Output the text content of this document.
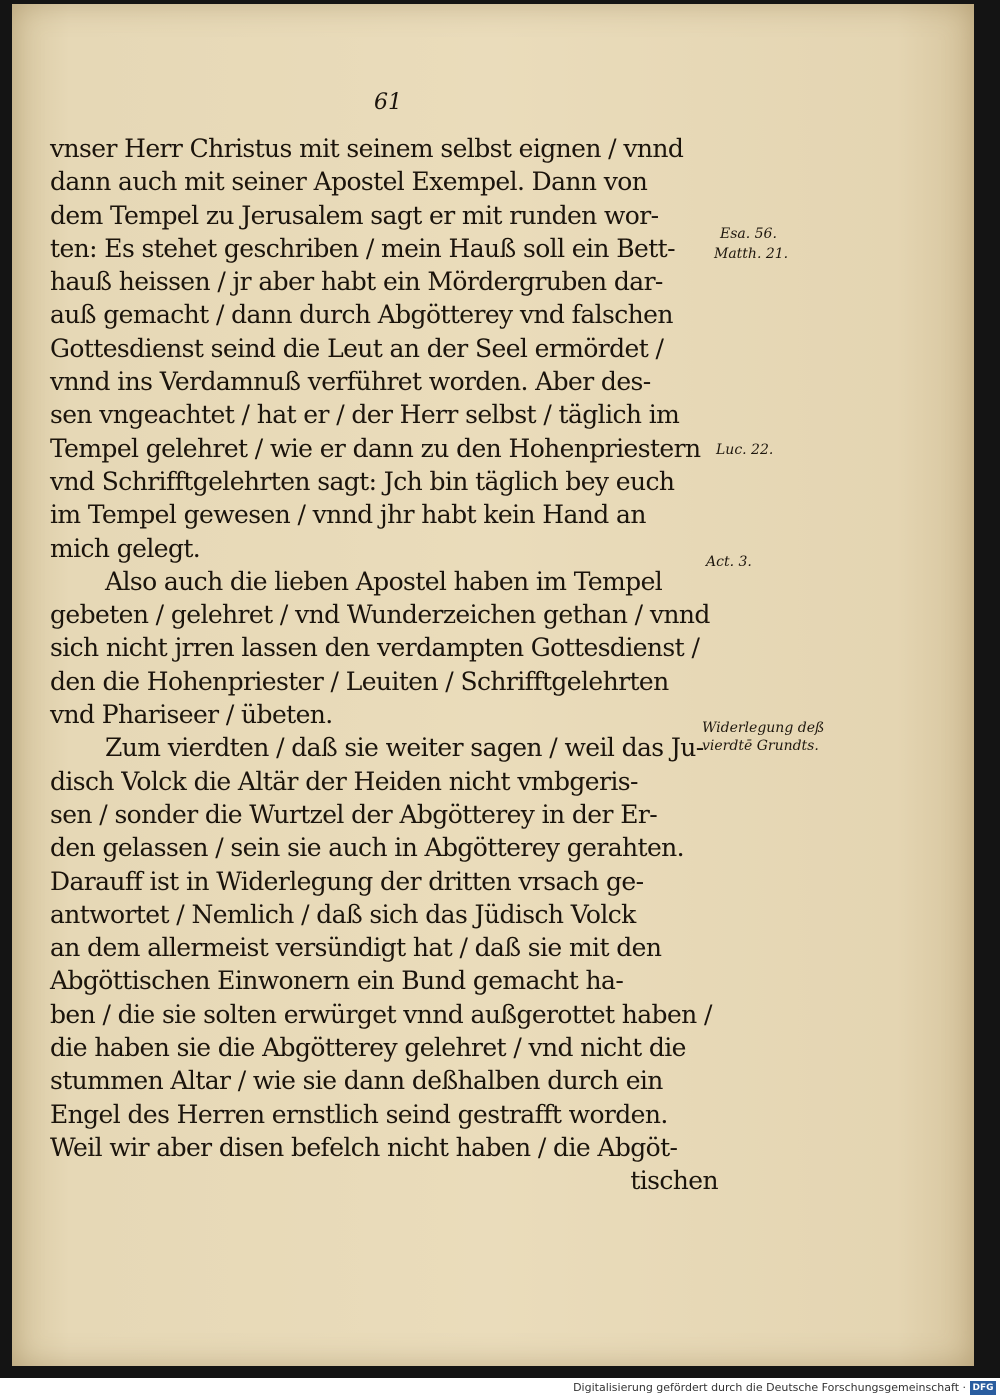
61
vnser Herr Christus mit seinem selbst eignen / vnnd
dann auch mit seiner Apostel Exempel. Dann von
dem Tempel zu Jerusalem sagt er mit runden wor-
ten: Es stehet geschriben / mein Hauß soll ein Bett-
hauß heissen / jr aber habt ein Mördergruben dar-
auß gemacht / dann durch Abgötterey vnd falschen
Gottesdienst seind die Leut an der Seel ermördet /
vnnd ins Verdamnuß verführet worden. Aber des-
sen vngeachtet / hat er / der Herr selbst / täglich im
Tempel gelehret / wie er dann zu den Hohenpriestern
vnd Schrifftgelehrten sagt: Jch bin täglich bey euch
im Tempel gewesen / vnnd jhr habt kein Hand an
mich gelegt.
Also auch die lieben Apostel haben im Tempel
gebeten / gelehret / vnd Wunderzeichen gethan / vnnd
sich nicht jrren lassen den verdampten Gottesdienst /
den die Hohenpriester / Leuiten / Schrifftgelehrten
vnd Phariseer / übeten.
Zum vierdten / daß sie weiter sagen / weil das Ju-
disch Volck die Altär der Heiden nicht vmbgeris-
sen / sonder die Wurtzel der Abgötterey in der Er-
den gelassen / sein sie auch in Abgötterey gerahten.
Darauff ist in Widerlegung der dritten vrsach ge-
antwortet / Nemlich / daß sich das Jüdisch Volck
an dem allermeist versündigt hat / daß sie mit den
Abgöttischen Einwonern ein Bund gemacht ha-
ben / die sie solten erwürget vnnd außgerottet haben /
die haben sie die Abgötterey gelehret / vnd nicht die
stummen Altar / wie sie dann deßhalben durch ein
Engel des Herren ernstlich seind gestrafft worden.
Weil wir aber disen befelch nicht haben / die Abgöt-
tischen
Esa. 56.
Matth. 21.
Luc. 22.
Act. 3.
Widerlegung deß
vierdtē Grundts.
Digitalisierung gefördert durch die Deutsche Forschungsgemeinschaft · DFG
